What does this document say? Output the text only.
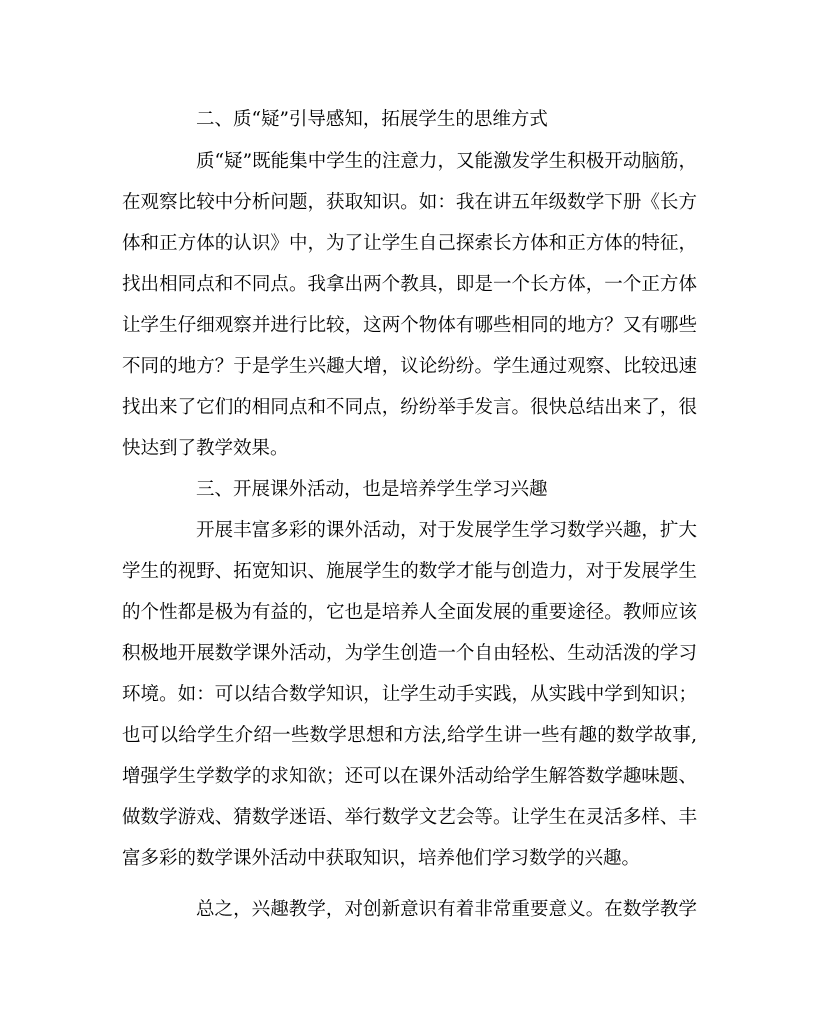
二、质“疑”引导感知，拓展学生的思维方式
质“疑”既能集中学生的注意力，又能激发学生积极开动脑筋，
在观察比较中分析问题，获取知识。如：我在讲五年级数学下册《长方
体和正方体的认识》中，为了让学生自己探索长方体和正方体的特征，
找出相同点和不同点。我拿出两个教具，即是一个长方体，一个正方体
让学生仔细观察并进行比较，这两个物体有哪些相同的地方？又有哪些
不同的地方？于是学生兴趣大增，议论纷纷。学生通过观察、比较迅速
找出来了它们的相同点和不同点，纷纷举手发言。很快总结出来了，很
快达到了教学效果。
三、开展课外活动，也是培养学生学习兴趣
开展丰富多彩的课外活动，对于发展学生学习数学兴趣，扩大
学生的视野、拓宽知识、施展学生的数学才能与创造力，对于发展学生
的个性都是极为有益的，它也是培养人全面发展的重要途径。教师应该
积极地开展数学课外活动，为学生创造一个自由轻松、生动活泼的学习
环境。如：可以结合数学知识，让学生动手实践，从实践中学到知识；
也可以给学生介绍一些数学思想和方法,给学生讲一些有趣的数学故事,
增强学生学数学的求知欲；还可以在课外活动给学生解答数学趣味题、
做数学游戏、猜数学迷语、举行数学文艺会等。让学生在灵活多样、丰
富多彩的数学课外活动中获取知识，培养他们学习数学的兴趣。
总之，兴趣教学，对创新意识有着非常重要意义。在数学教学
